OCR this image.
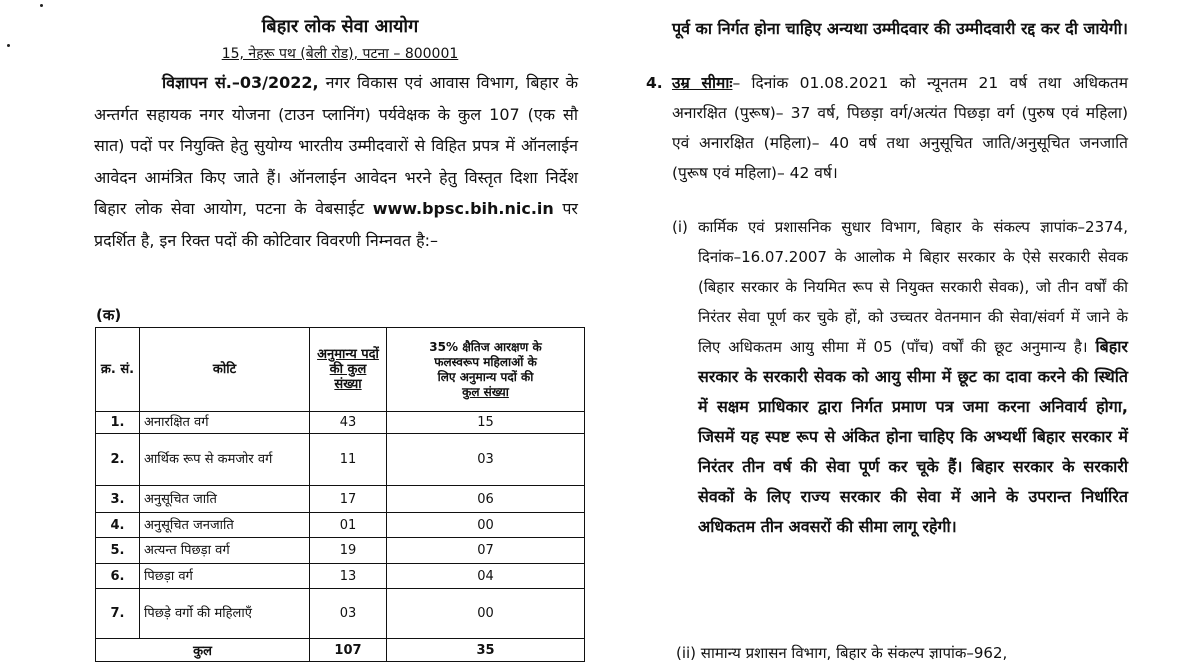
बिहार लोक सेवा आयोग
15, नेहरू पथ (बेली रोड), पटना – 800001
विज्ञापन सं.–03/2022, नगर विकास एवं आवास विभाग, बिहार के अन्तर्गत सहायक नगर योजना (टाउन प्लानिंग) पर्यवेक्षक के कुल 107 (एक सौ सात) पदों पर नियुक्ति हेतु सुयोग्य भारतीय उम्मीदवारों से विहित प्रपत्र में ऑनलाईन आवेदन आमंत्रित किए जाते हैं। ऑनलाईन आवेदन भरने हेतु विस्तृत दिशा निर्देश बिहार लोक सेवा आयोग, पटना के वेबसाईट www.bpsc.bih.nic.in पर प्रदर्शित है, इन रिक्त पदों की कोटिवार विवरणी निम्नवत है:–
(क)
क्र. सं.	कोटि	अनुमान्य पदों की कुल संख्या	35% क्षैतिज आरक्षण के
फलस्वरूप महिलाओं के
लिए अनुमान्य पदों की
कुल संख्या
1.	अनारक्षित वर्ग	43	15
2.	आर्थिक रूप से कमजोर वर्ग	11	03
3.	अनुसूचित जाति	17	06
4.	अनुसूचित जनजाति	01	00
5.	अत्यन्त पिछड़ा वर्ग	19	07
6.	पिछड़ा वर्ग	13	04
7.	पिछड़े वर्गो की महिलाएँ	03	00
कुल		107	35
पूर्व का निर्गत होना चाहिए अन्यथा उम्मीदवार की उम्मीदवारी रद्द कर दी जायेगी।
4. उम्र सीमाः– दिनांक 01.08.2021 को न्यूनतम 21 वर्ष तथा अधिकतम अनारक्षित (पुरूष)– 37 वर्ष, पिछड़ा वर्ग/अत्यंत पिछड़ा वर्ग (पुरुष एवं महिला) एवं अनारक्षित (महिला)– 40 वर्ष तथा अनुसूचित जाति/अनुसूचित जनजाति (पुरूष एवं महिला)– 42 वर्ष।
(i) कार्मिक एवं प्रशासनिक सुधार विभाग, बिहार के संकल्प ज्ञापांक–2374, दिनांक–16.07.2007 के आलोक मे बिहार सरकार के ऐसे सरकारी सेवक (बिहार सरकार के नियमित रूप से नियुक्त सरकारी सेवक), जो तीन वर्षों की निरंतर सेवा पूर्ण कर चुके हों, को उच्चतर वेतनमान की सेवा/संवर्ग में जाने के लिए अधिकतम आयु सीमा में 05 (पाँच) वर्षों की छूट अनुमान्य है। बिहार सरकार के सरकारी सेवक को आयु सीमा में छूट का दावा करने की स्थिति में सक्षम प्राधिकार द्वारा निर्गत प्रमाण पत्र जमा करना अनिवार्य होगा, जिसमें यह स्पष्ट रूप से अंकित होना चाहिए कि अभ्यर्थी बिहार सरकार में निरंतर तीन वर्ष की सेवा पूर्ण कर चूके हैं। बिहार सरकार के सरकारी सेवकों के लिए राज्य सरकार की सेवा में आने के उपरान्त निर्धारित अधिकतम तीन अवसरों की सीमा लागू रहेगी।
(ii) सामान्य प्रशासन विभाग, बिहार के संकल्प ज्ञापांक–962,
